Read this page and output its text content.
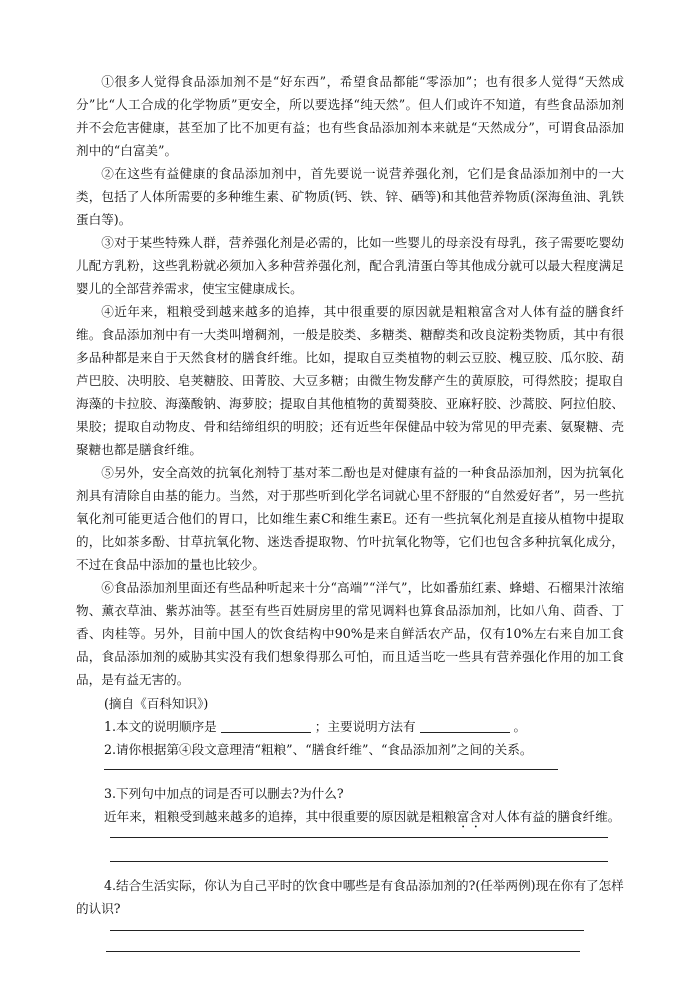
①很多人觉得食品添加剂不是“好东西”，希望食品都能“零添加”；也有很多人觉得“天然成分”比“人工合成的化学物质”更安全，所以要选择“纯天然”。但人们或许不知道，有些食品添加剂并不会危害健康，甚至加了比不加更有益；也有些食品添加剂本来就是“天然成分”，可谓食品添加剂中的“白富美”。

②在这些有益健康的食品添加剂中，首先要说一说营养强化剂，它们是食品添加剂中的一大类，包括了人体所需要的多种维生素、矿物质(钙、铁、锌、硒等)和其他营养物质(深海鱼油、乳铁蛋白等)。

③对于某些特殊人群，营养强化剂是必需的，比如一些婴儿的母亲没有母乳，孩子需要吃婴幼儿配方乳粉，这些乳粉就必须加入多种营养强化剂，配合乳清蛋白等其他成分就可以最大程度满足婴儿的全部营养需求，使宝宝健康成长。

④近年来，粗粮受到越来越多的追捧，其中很重要的原因就是粗粮富含对人体有益的膳食纤维。食品添加剂中有一大类叫增稠剂，一般是胶类、多糖类、糖醇类和改良淀粉类物质，其中有很多品种都是来自于天然食材的膳食纤维。比如，提取自豆类植物的刺云豆胶、槐豆胶、瓜尔胶、葫芦巴胶、决明胶、皂荚糖胶、田菁胶、大豆多糖；由微生物发酵产生的黄原胶，可得然胶；提取自海藻的卡拉胶、海藻酸钠、海萝胶；提取自其他植物的黄蜀葵胶、亚麻籽胶、沙蒿胶、阿拉伯胶、果胶；提取自动物皮、骨和结缔组织的明胶；还有近些年保健品中较为常见的甲壳素、氨聚糖、壳聚糖也都是膳食纤维。

⑤另外，安全高效的抗氧化剂特丁基对苯二酚也是对健康有益的一种食品添加剂，因为抗氧化剂具有清除自由基的能力。当然，对于那些听到化学名词就心里不舒服的“自然爱好者”，另一些抗氧化剂可能更适合他们的胃口，比如维生素C和维生素E。还有一些抗氧化剂是直接从植物中提取的，比如茶多酚、甘草抗氧化物、迷迭香提取物、竹叶抗氧化物等，它们也包含多种抗氧化成分，不过在食品中添加的量也比较少。

⑥食品添加剂里面还有些品种听起来十分“高端”“洋气”，比如番茄红素、蜂蜡、石榴果汁浓缩物、薰衣草油、紫苏油等。甚至有些百姓厨房里的常见调料也算食品添加剂，比如八角、茴香、丁香、肉桂等。另外，目前中国人的饮食结构中90%是来自鲜活农产品，仅有10%左右来自加工食品，食品添加剂的威胁其实没有我们想象得那么可怕，而且适当吃一些具有营养强化作用的加工食品，是有益无害的。

(摘自《百科知识》)

1.本文的说明顺序是	；主要说明方法有	。

2.请你根据第④段文意理清“粗粮”、“膳食纤维”、“食品添加剂”之间的关系。

3.下列句中加点的词是否可以删去?为什么?

近年来，粗粮受到越来越多的追捧，其中很重要的原因就是粗粮富含对人体有益的膳食纤维。

4.结合生活实际，你认为自己平时的饮食中哪些是有食品添加剂的?(任举两例)现在你有了怎样的认识?
